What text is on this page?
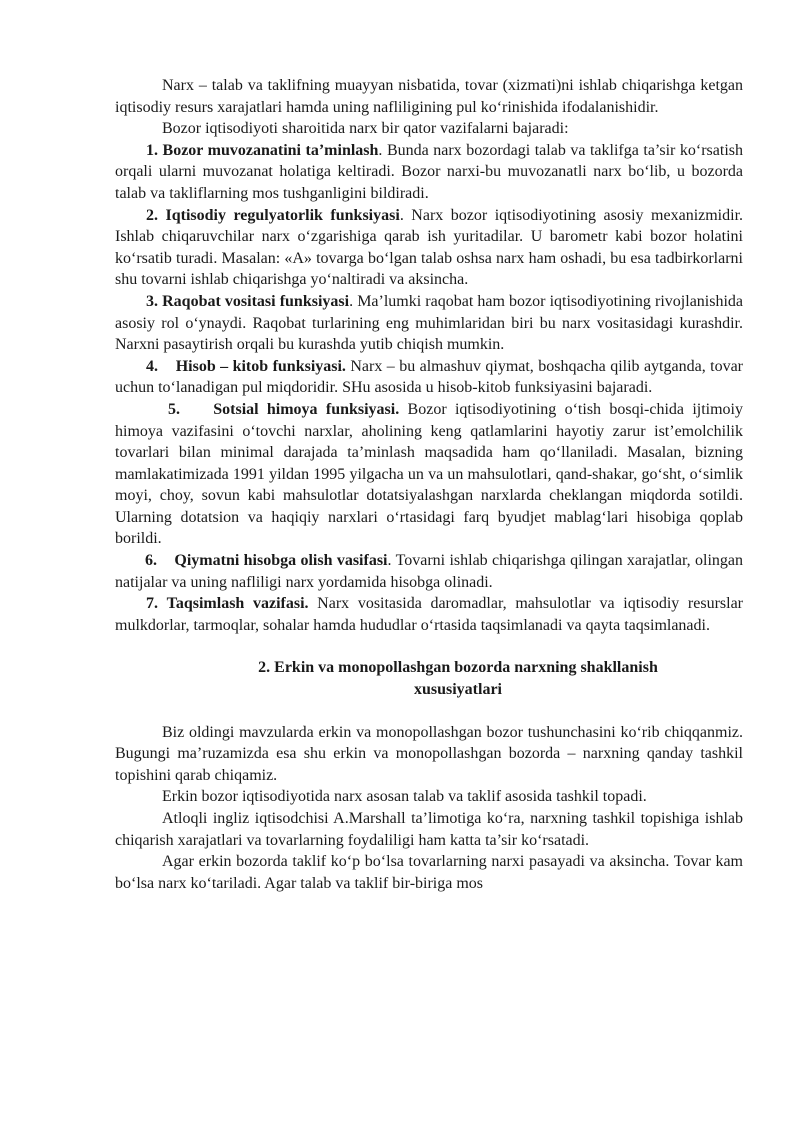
Narx – talab va taklifning muayyan nisbatida, tovar (xizmati)ni ishlab chiqarishga ketgan iqtisodiy resurs xarajatlari hamda uning nafliligining pul ko‘rinishida ifodalanishidir.

Bozor iqtisodiyoti sharoitida narx bir qator vazifalarni bajaradi:

1. Bozor muvozanatini ta’minlash. Bunda narx bozordagi talab va taklifga ta’sir ko‘rsatish orqali ularni muvozanat holatiga keltiradi. Bozor narxi-bu muvozanatli narx bo‘lib, u bozorda talab va takliflarning mos tushganligini bildiradi.

2. Iqtisodiy regulyatorlik funksiyasi. Narx bozor iqtisodiyotining asosiy mexanizmidir. Ishlab chiqaruvchilar narx o‘zgarishiga qarab ish yuritadilar. U barometr kabi bozor holatini ko‘rsatib turadi. Masalan: «A» tovarga bo‘lgan talab oshsa narx ham oshadi, bu esa tadbirkorlarni shu tovarni ishlab chiqarishga yo‘naltiradi va aksincha.

3. Raqobat vositasi funksiyasi. Ma’lumki raqobat ham bozor iqtisodiyotining rivojlanishida asosiy rol o‘ynaydi. Raqobat turlarining eng muhimlaridan biri bu narx vositasidagi kurashdir. Narxni pasaytirish orqali bu kurashda yutib chiqish mumkin.

4. Hisob – kitob funksiyasi. Narx – bu almashuv qiymat, boshqacha qilib aytganda, tovar uchun to‘lanadigan pul miqdoridir. SHu asosida u hisob-kitob funksiyasini bajaradi.

5. Sotsial himoya funksiyasi. Bozor iqtisodiyotining o‘tish bosqi-chida ijtimoiy himoya vazifasini o‘tovchi narxlar, aholining keng qatlamlarini hayotiy zarur ist’emolchilik tovarlari bilan minimal darajada ta’minlash maqsadida ham qo‘llaniladi. Masalan, bizning mamlakatimizada 1991 yildan 1995 yilgacha un va un mahsulotlari, qand-shakar, go‘sht, o‘simlik moyi, choy, sovun kabi mahsulotlar dotatsiyalashgan narxlarda cheklangan miqdorda sotildi. Ularning dotatsion va haqiqiy narxlari o‘rtasidagi farq byudjet mablag‘lari hisobiga qoplab borildi.

6. Qiymatni hisobga olish vasifasi. Tovarni ishlab chiqarishga qilingan xarajatlar, olingan natijalar va uning nafliligi narx yordamida hisobga olinadi.

7. Taqsimlash vazifasi. Narx vositasida daromadlar, mahsulotlar va iqtisodiy resurslar mulkdorlar, tarmoqlar, sohalar hamda hududlar o‘rtasida taqsimlanadi va qayta taqsimlanadi.

2. Erkin va monopollashgan bozorda narxning shakllanish xususiyatlari

Biz oldingi mavzularda erkin va monopollashgan bozor tushunchasini ko‘rib chiqqanmiz. Bugungi ma’ruzamizda esa shu erkin va monopollashgan bozorda – narxning qanday tashkil topishini qarab chiqamiz.

Erkin bozor iqtisodiyotida narx asosan talab va taklif asosida tashkil topadi.

Atloqli ingliz iqtisodchisi A.Marshall ta’limotiga ko‘ra, narxning tashkil topishiga ishlab chiqarish xarajatlari va tovarlarning foydaliligi ham katta ta’sir ko‘rsatadi.

Agar erkin bozorda taklif ko‘p bo‘lsa tovarlarning narxi pasayadi va aksincha. Tovar kam bo‘lsa narx ko‘tariladi. Agar talab va taklif bir-biriga mos
